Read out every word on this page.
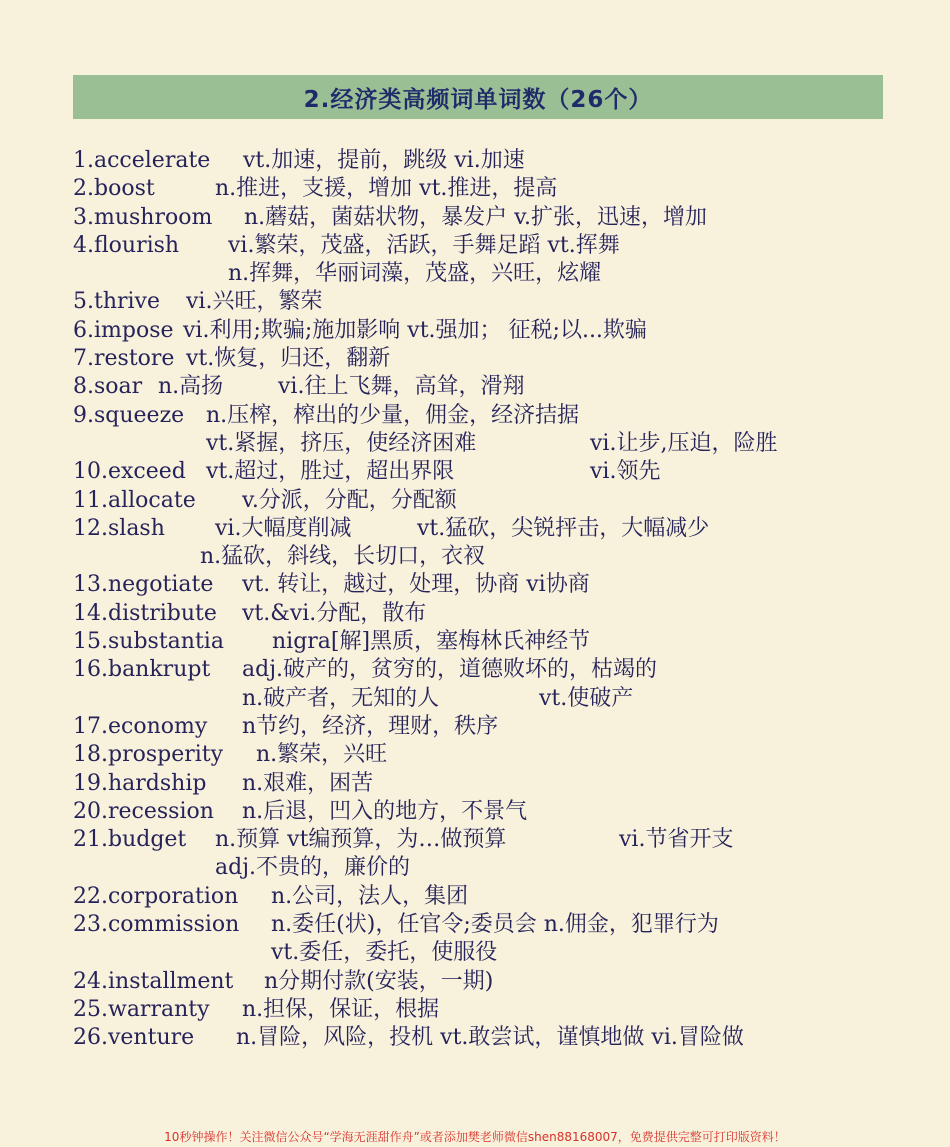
2.经济类高频词单词数（26个）
1.accelerate vt.加速，提前，跳级 vi.加速
2.boost	n.推进，支援，增加 vt.推进，提高
3.mushroom n.蘑菇，菌菇状物，暴发户 v.扩张，迅速，增加
4.flourish vi.繁荣，茂盛，活跃，手舞足蹈 vt.挥舞
n.挥舞，华丽词藻，茂盛，兴旺，炫耀
5.thrive vi.兴旺，繁荣
6.impose vi.利用;欺骗;施加影响 vt.强加； 征税;以...欺骗
7.restore vt.恢复，归还，翻新
8.soar n.高扬 vi.往上飞舞，高耸，滑翔
9.squeeze n.压榨，榨出的少量，佣金，经济拮据
vt.紧握，挤压，使经济困难	vi.让步,压迫，险胜
10.exceed vt.超过，胜过，超出界限	vi.领先
11.allocate v.分派，分配，分配额
12.slash vi.大幅度削减	vt.猛砍，尖锐抨击，大幅减少
n.猛砍，斜线，长切口，衣衩
13.negotiate vt. 转让，越过，处理，协商 vi协商
14.distribute vt.&vi.分配，散布
15.substantia nigra[解]黑质，塞梅林氏神经节
16.bankrupt adj.破产的，贫穷的，道德败坏的，枯竭的
n.破产者，无知的人	vt.使破产
17.economy n节约，经济，理财，秩序
18.prosperity n.繁荣，兴旺
19.hardship n.艰难，困苦
20.recession n.后退，凹入的地方，不景气
21.budget n.预算 vt编预算，为…做预算	vi.节省开支
adj.不贵的，廉价的
22.corporation n.公司，法人，集团
23.commission n.委任(状)，任官令;委员会 n.佣金，犯罪行为
vt.委任，委托，使服役
24.installment n分期付款(安装，一期)
25.warranty n.担保，保证，根据
26.venture n.冒险，风险，投机 vt.敢尝试，谨慎地做 vi.冒险做
10秒钟操作！关注微信公众号“学海无涯甜作舟”或者添加樊老师微信shen88168007，免费提供完整可打印版资料！
